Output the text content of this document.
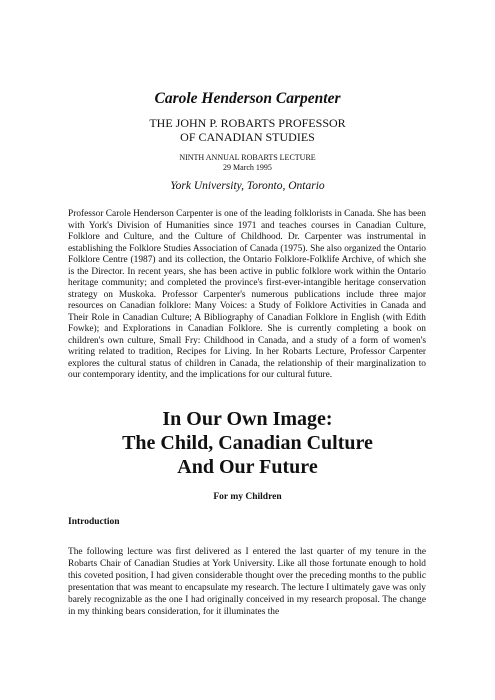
Carole Henderson Carpenter
THE JOHN P. ROBARTS PROFESSOR
OF CANADIAN STUDIES
NINTH ANNUAL ROBARTS LECTURE
29 March 1995
York University, Toronto, Ontario

Professor Carole Henderson Carpenter is one of the leading folklorists in Canada. She has been with York's Division of Humanities since 1971 and teaches courses in Canadian Culture, Folklore and Culture, and the Culture of Childhood. Dr. Carpenter was instrumental in establishing the Folklore Studies Association of Canada (1975). She also organized the Ontario Folklore Centre (1987) and its collection, the Ontario Folklore-Folklife Archive, of which she is the Director. In recent years, she has been active in public folklore work within the Ontario heritage community; and completed the province's first-ever-intangible heritage conservation strategy on Muskoka. Professor Carpenter's numerous publications include three major resources on Canadian folklore: Many Voices: a Study of Folklore Activities in Canada and Their Role in Canadian Culture; A Bibliography of Canadian Folklore in English (with Edith Fowke); and Explorations in Canadian Folklore. She is currently completing a book on children's own culture, Small Fry: Childhood in Canada, and a study of a form of women's writing related to tradition, Recipes for Living. In her Robarts Lecture, Professor Carpenter explores the cultural status of children in Canada, the relationship of their marginalization to our contemporary identity, and the implications for our cultural future.

In Our Own Image:
The Child, Canadian Culture
And Our Future
For my Children
Introduction

The following lecture was first delivered as I entered the last quarter of my tenure in the Robarts Chair of Canadian Studies at York University. Like all those fortunate enough to hold this coveted position, I had given considerable thought over the preceding months to the public presentation that was meant to encapsulate my research. The lecture I ultimately gave was only barely recognizable as the one I had originally conceived in my research proposal. The change in my thinking bears consideration, for it illuminates the
